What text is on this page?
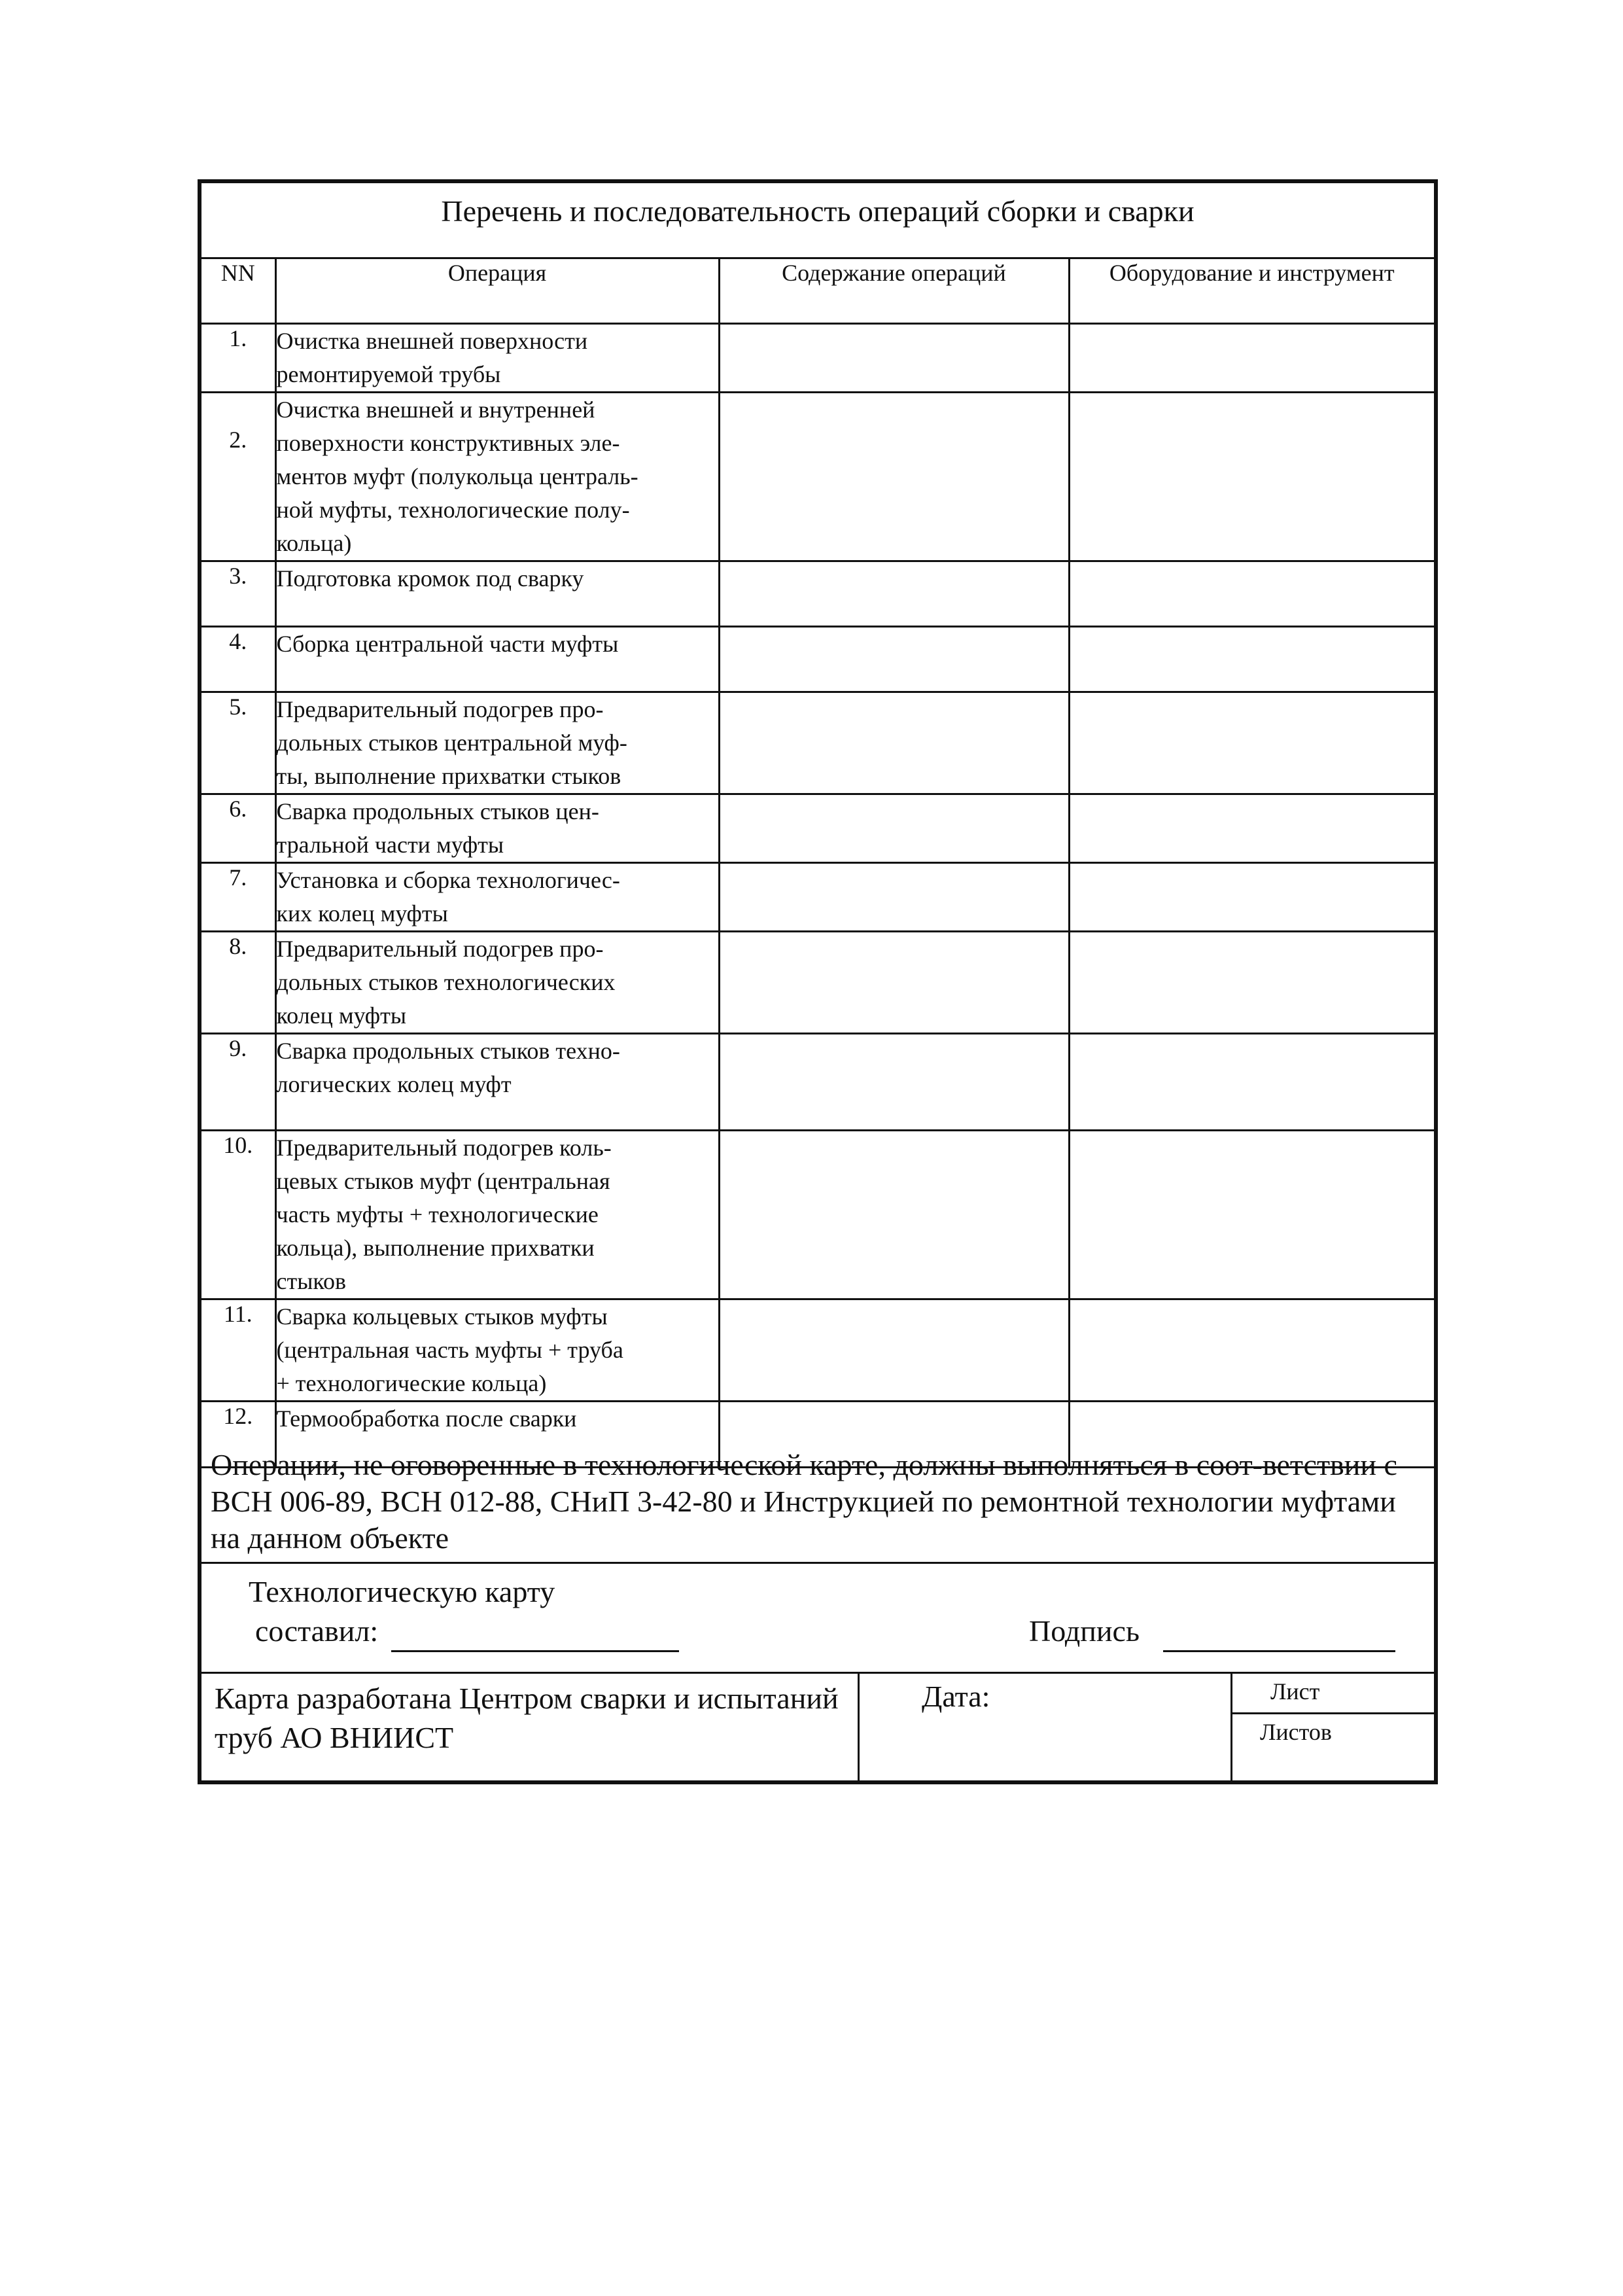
Перечень и последовательность операций сборки и сварки
NN	Операция	Содержание операций	Оборудование и инструмент
1.	Очистка внешней поверхности
ремонтируемой трубы		
2.	Очистка внешней и внутренней
поверхности конструктивных эле-
ментов муфт (полукольца централь-
ной муфты, технологические полу-
кольца)		
3.	Подготовка кромок под сварку		
4.	Сборка центральной части муфты		
5.	Предварительный подогрев про-
дольных стыков центральной муф-
ты, выполнение прихватки стыков		
6.	Сварка продольных стыков цен-
тральной части муфты		
7.	Установка и сборка технологичес-
ких колец муфты		
8.	Предварительный подогрев про-
дольных стыков технологических
колец муфты		
9.	Сварка продольных стыков техно-
логических колец муфт		
10.	Предварительный подогрев коль-
цевых стыков муфт (центральная
часть муфты + технологические
кольца), выполнение прихватки
стыков		
11.	Сварка кольцевых стыков муфты
(центральная часть муфты + труба
+ технологические кольца)		
12.	Термообработка после сварки		
Операции, не оговоренные в технологической карте, должны выполняться в соот-ветствии с ВСН 006-89, ВСН 012-88, СНиП 3-42-80 и Инструкцией по ремонтной технологии муфтами на данном объекте
Технологическую карту
составил:	Подпись
Карта разработана Центром сварки и испытаний труб АО ВНИИСТ
Дата:	Лист
Листов
